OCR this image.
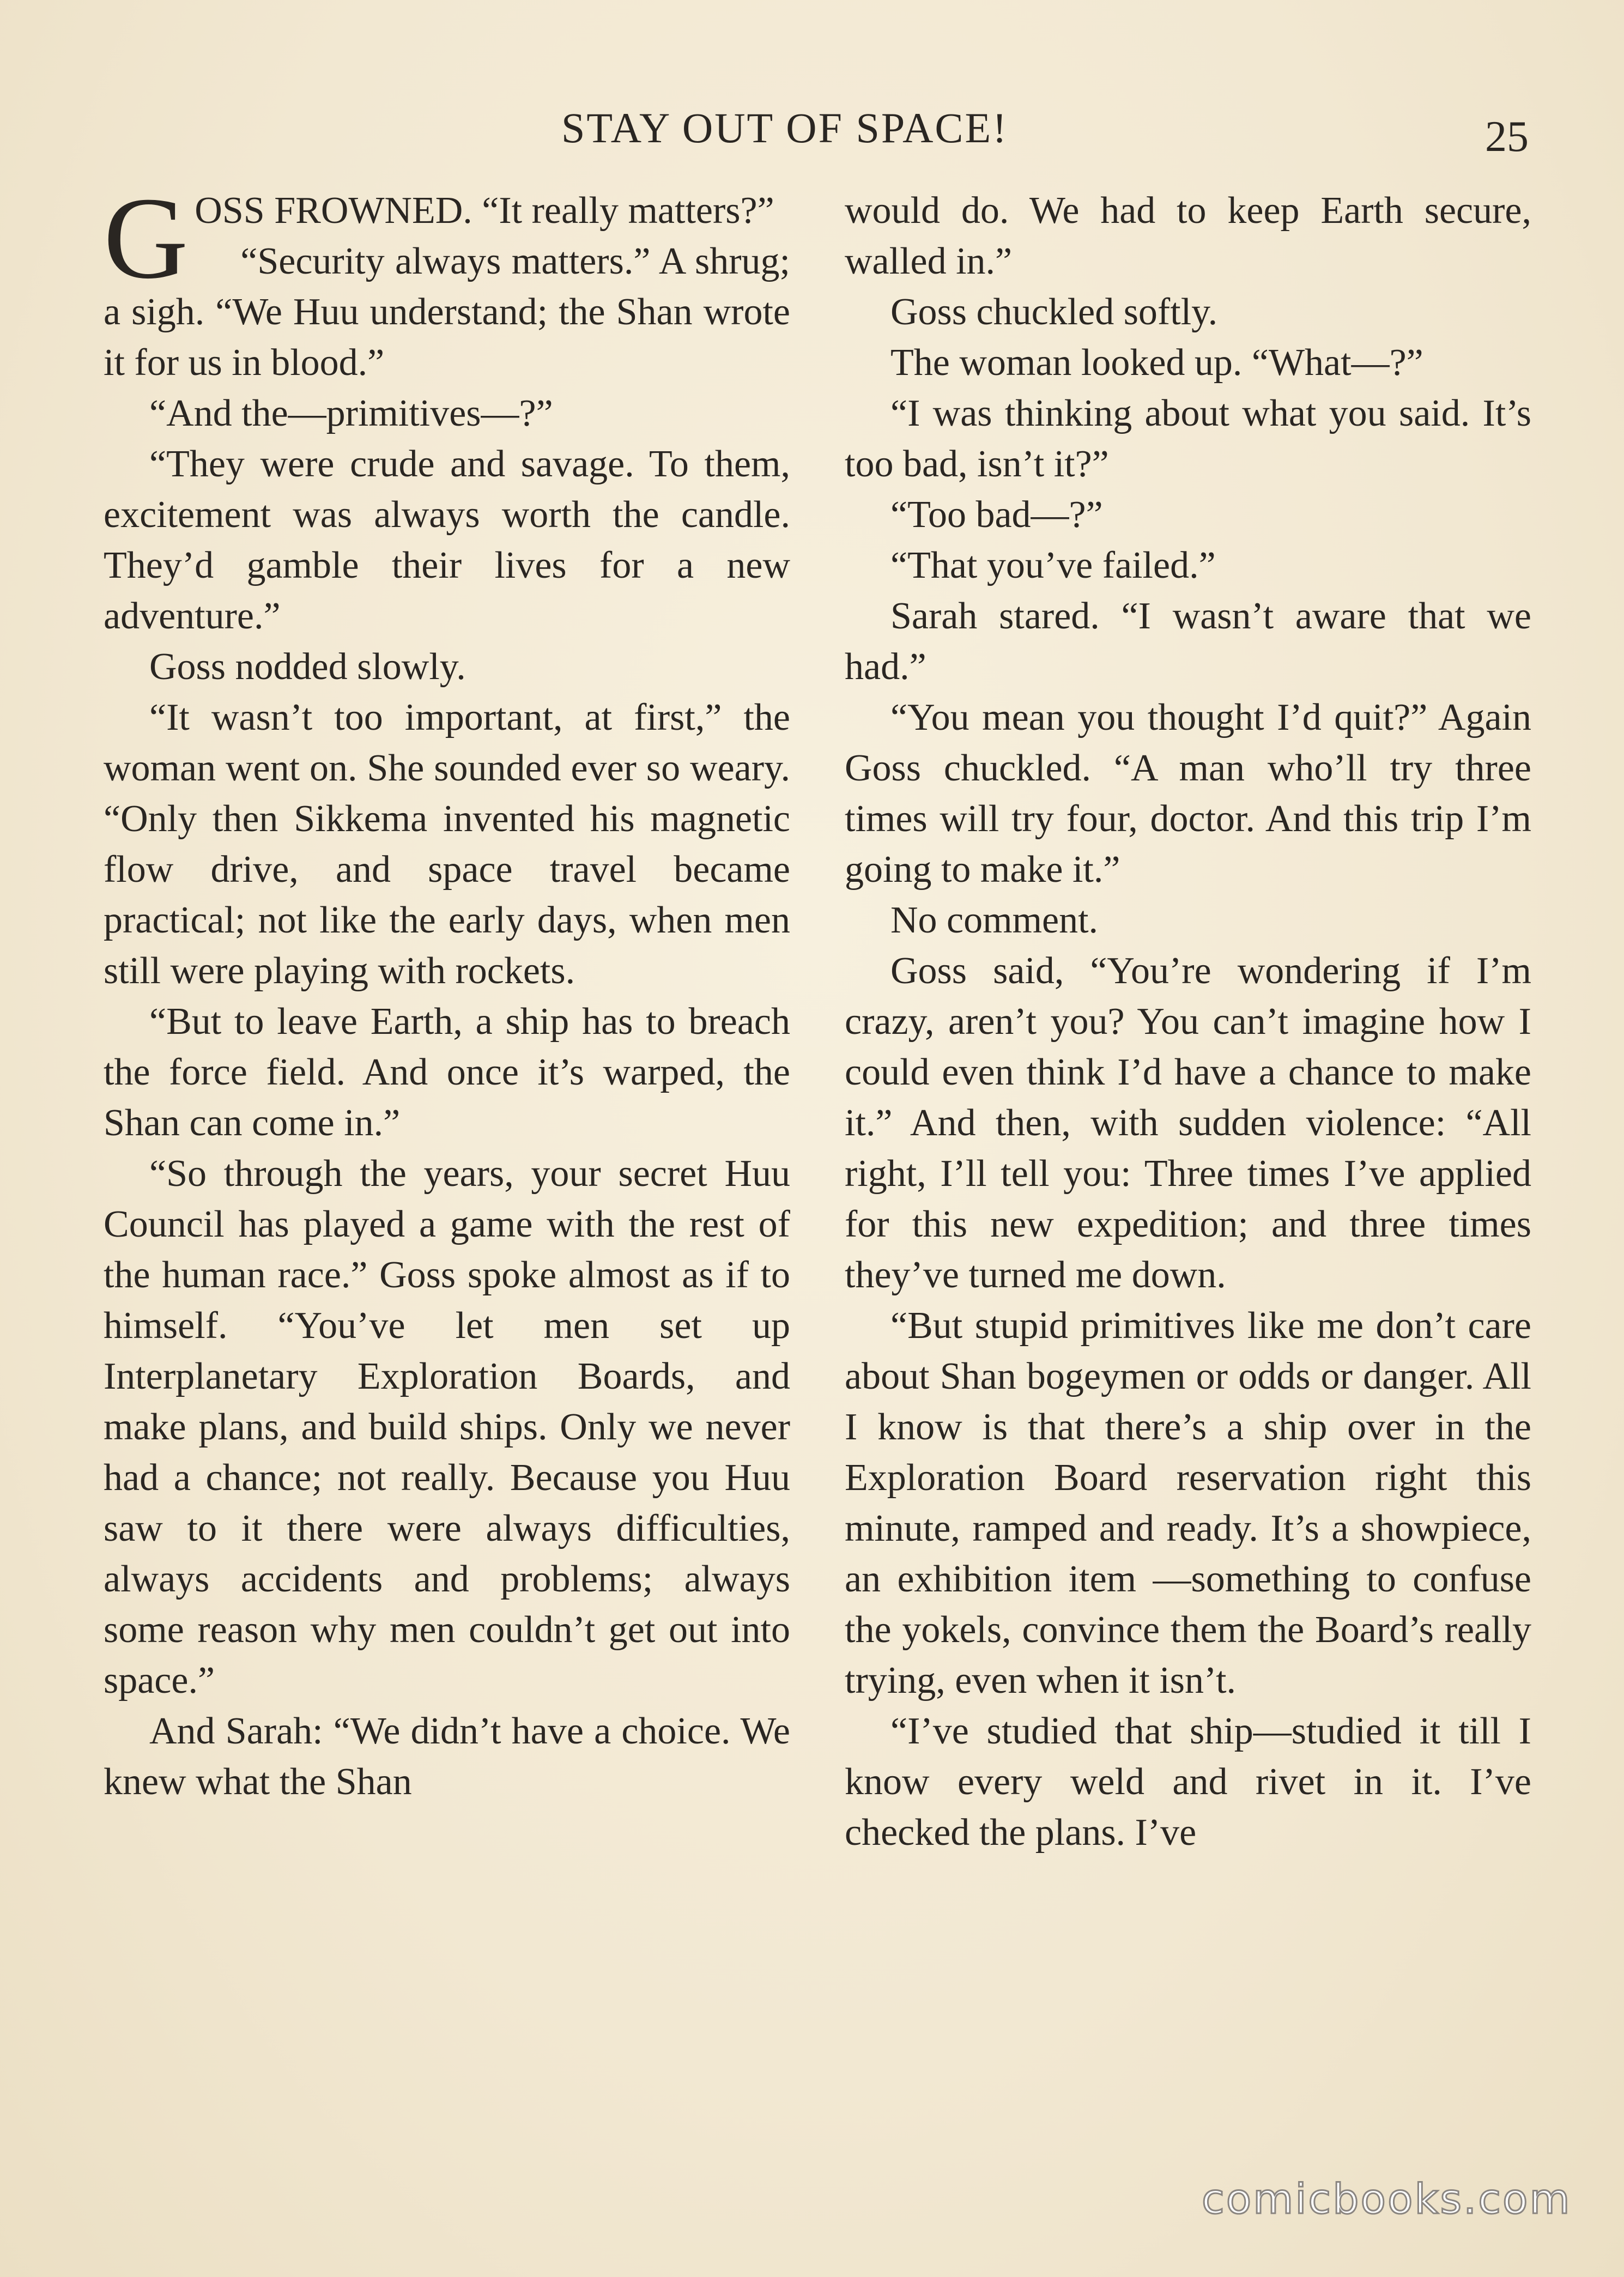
STAY OUT OF SPACE!	25

GOSS FROWNED. “It really matters?”

“Security always matters.” A shrug; a sigh. “We Huu understand; the Shan wrote it for us in blood.”

“And the—primitives—?”

“They were crude and savage. To them, excitement was always worth the candle. They’d gamble their lives for a new adventure.”

Goss nodded slowly.

“It wasn’t too important, at first,” the woman went on. She sounded ever so weary. “Only then Sikkema invented his magnetic flow drive, and space travel became practical; not like the early days, when men still were playing with rockets.

“But to leave Earth, a ship has to breach the force field. And once it’s warped, the Shan can come in.”

“So through the years, your secret Huu Council has played a game with the rest of the human race.” Goss spoke almost as if to himself. “You’ve let men set up Interplanetary Exploration Boards, and make plans, and build ships. Only we never had a chance; not really. Because you Huu saw to it there were always difficulties, always accidents and problems; always some reason why men couldn’t get out into space.”

And Sarah: “We didn’t have a choice. We knew what the Shan

would do. We had to keep Earth secure, walled in.”

Goss chuckled softly.

The woman looked up. “What—?”

“I was thinking about what you said. It’s too bad, isn’t it?”

“Too bad—?”

“That you’ve failed.”

Sarah stared. “I wasn’t aware that we had.”

“You mean you thought I’d quit?” Again Goss chuckled. “A man who’ll try three times will try four, doctor. And this trip I’m going to make it.”

No comment.

Goss said, “You’re wondering if I’m crazy, aren’t you? You can’t imagine how I could even think I’d have a chance to make it.” And then, with sudden violence: “All right, I’ll tell you: Three times I’ve applied for this new expedition; and three times they’ve turned me down.

“But stupid primitives like me don’t care about Shan bogeymen or odds or danger. All I know is that there’s a ship over in the Exploration Board reservation right this minute, ramped and ready. It’s a showpiece, an exhibition item —something to confuse the yokels, convince them the Board’s really trying, even when it isn’t.

“I’ve studied that ship—studied it till I know every weld and rivet in it. I’ve checked the plans. I’ve

comicbooks.com
